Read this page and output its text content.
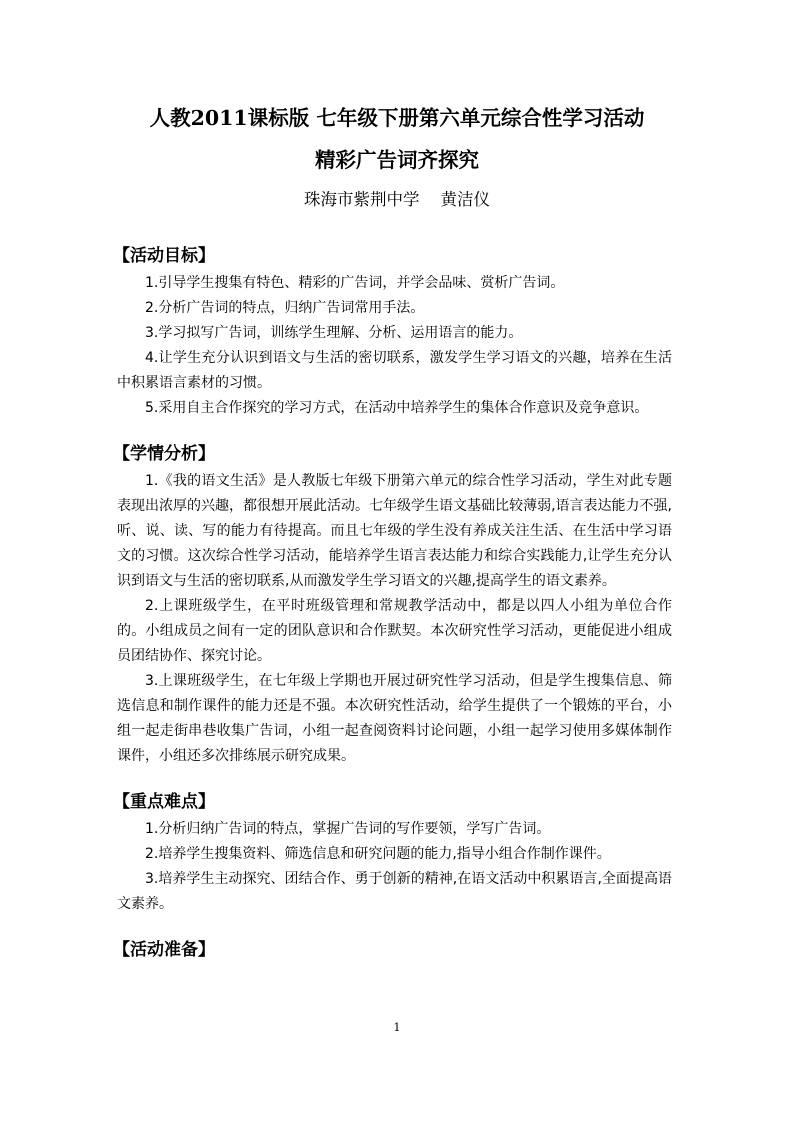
人教2011课标版 七年级下册第六单元综合性学习活动
精彩广告词齐探究
珠海市紫荆中学    黄洁仪
【活动目标】

1.引导学生搜集有特色、精彩的广告词，并学会品味、赏析广告词。

2.分析广告词的特点，归纳广告词常用手法。

3.学习拟写广告词，训练学生理解、分析、运用语言的能力。

4.让学生充分认识到语文与生活的密切联系，激发学生学习语文的兴趣，培养在生活中积累语言素材的习惯。

5.采用自主合作探究的学习方式，在活动中培养学生的集体合作意识及竞争意识。

【学情分析】

1.《我的语文生活》是人教版七年级下册第六单元的综合性学习活动，学生对此专题表现出浓厚的兴趣，都很想开展此活动。七年级学生语文基础比较薄弱,语言表达能力不强,听、说、读、写的能力有待提高。而且七年级的学生没有养成关注生活、在生活中学习语文的习惯。这次综合性学习活动，能培养学生语言表达能力和综合实践能力,让学生充分认识到语文与生活的密切联系,从而激发学生学习语文的兴趣,提高学生的语文素养。

2.上课班级学生，在平时班级管理和常规教学活动中，都是以四人小组为单位合作的。小组成员之间有一定的团队意识和合作默契。本次研究性学习活动，更能促进小组成员团结协作、探究讨论。

3.上课班级学生，在七年级上学期也开展过研究性学习活动，但是学生搜集信息、筛选信息和制作课件的能力还是不强。本次研究性活动，给学生提供了一个锻炼的平台，小组一起走街串巷收集广告词，小组一起查阅资料讨论问题，小组一起学习使用多媒体制作课件，小组还多次排练展示研究成果。

【重点难点】

1.分析归纳广告词的特点，掌握广告词的写作要领，学写广告词。

2.培养学生搜集资料、筛选信息和研究问题的能力,指导小组合作制作课件。

3.培养学生主动探究、团结合作、勇于创新的精神,在语文活动中积累语言,全面提高语文素养。

【活动准备】
1
